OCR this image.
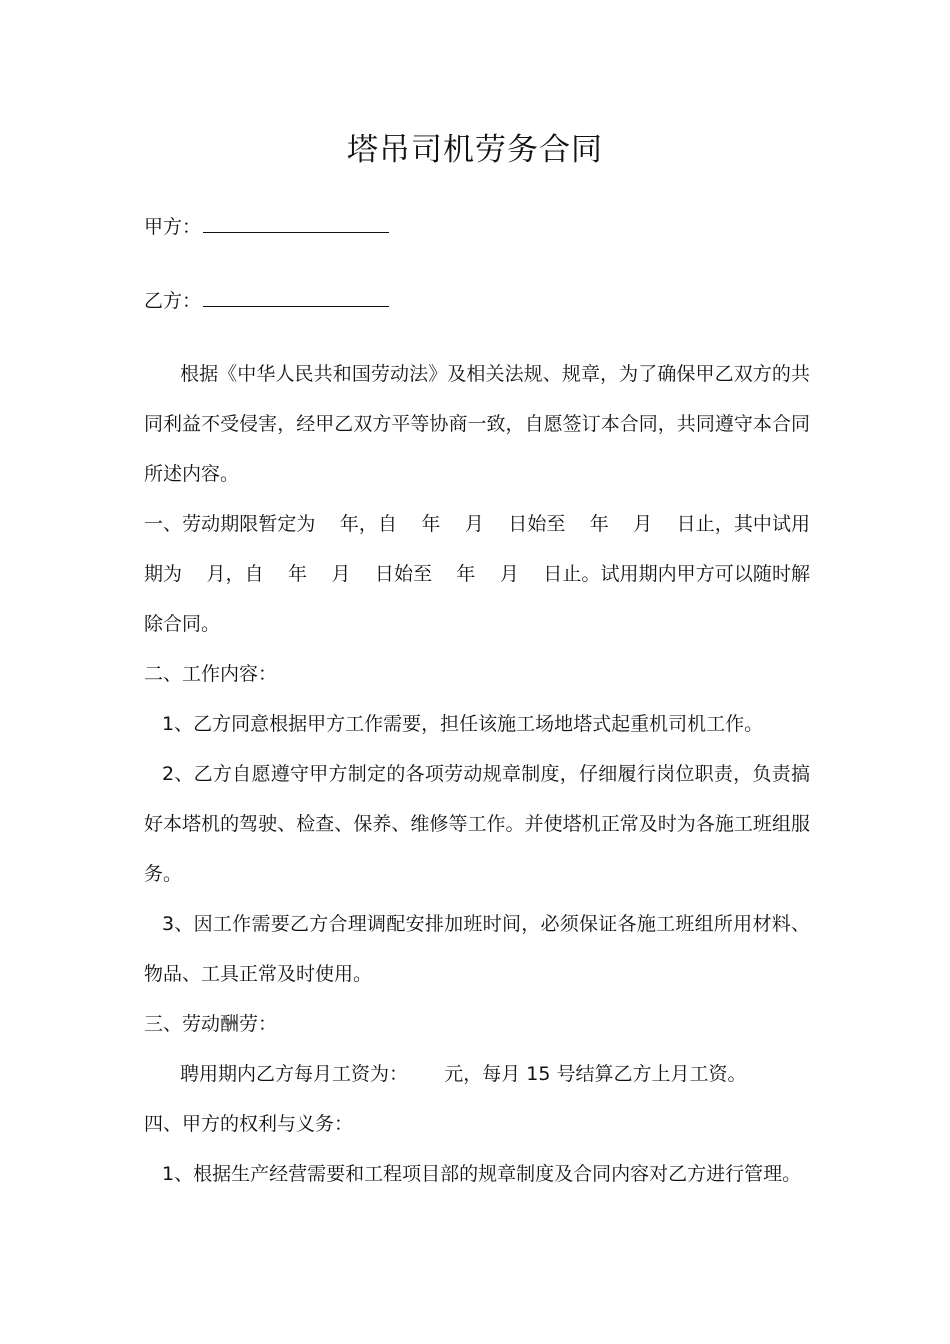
塔吊司机劳务合同
甲方：
乙方：

根据《中华人民共和国劳动法》及相关法规、规章，为了确保甲乙双方的共同利益不受侵害，经甲乙双方平等协商一致，自愿签订本合同，共同遵守本合同所述内容。

一、劳动期限暂定为    年，自    年    月    日始至    年    月    日止，其中试用期为    月，自    年    月    日始至    年    月    日止。试用期内甲方可以随时解除合同。

二、工作内容：

1、乙方同意根据甲方工作需要，担任该施工场地塔式起重机司机工作。

2、乙方自愿遵守甲方制定的各项劳动规章制度，仔细履行岗位职责，负责搞好本塔机的驾驶、检查、保养、维修等工作。并使塔机正常及时为各施工班组服务。

3、因工作需要乙方合理调配安排加班时间，必须保证各施工班组所用材料、物品、工具正常及时使用。

三、劳动酬劳：

聘用期内乙方每月工资为：      元，每月 15 号结算乙方上月工资。

四、甲方的权利与义务：

1、根据生产经营需要和工程项目部的规章制度及合同内容对乙方进行管理。
